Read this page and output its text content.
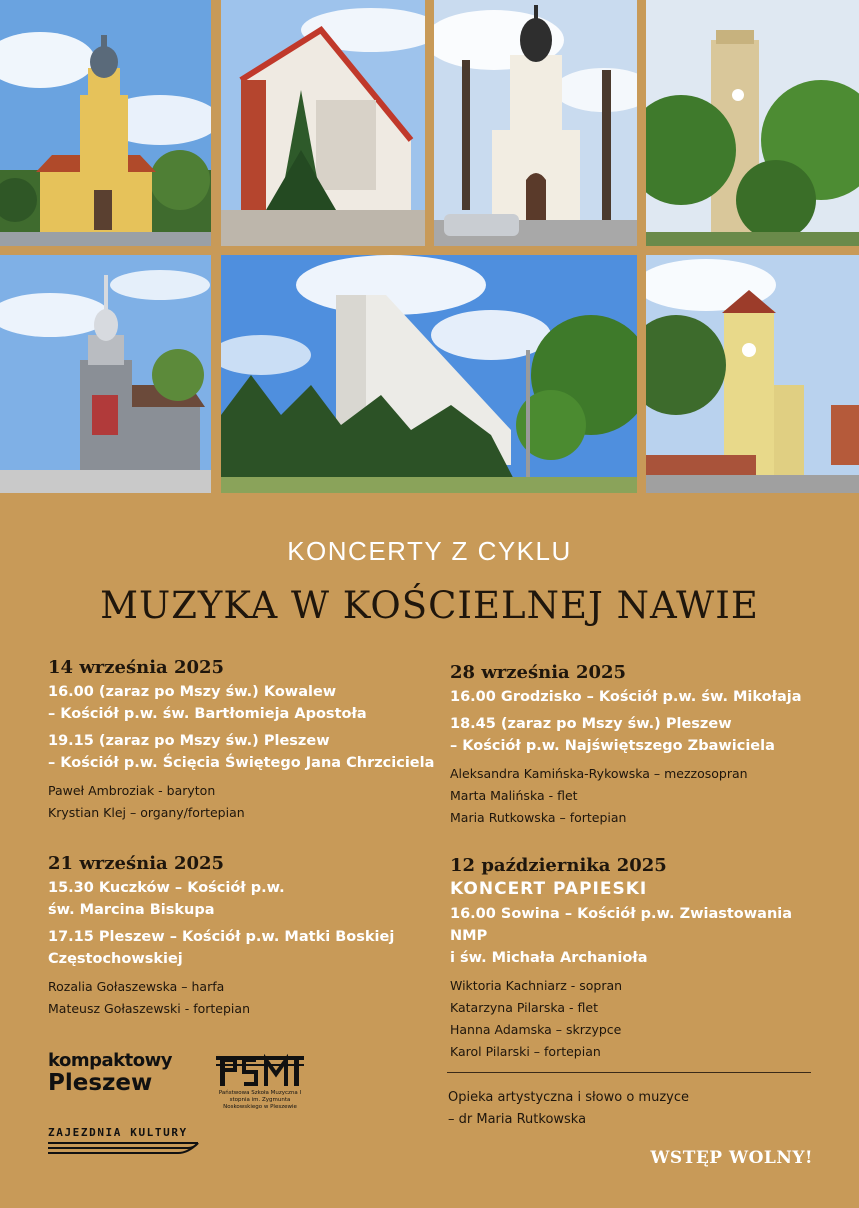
KONCERTY Z CYKLU
MUZYKA W KOŚCIELNEJ NAWIE
14 września 2025
16.00 (zaraz po Mszy św.) Kowalew
– Kościół p.w. św. Bartłomieja Apostoła
19.15 (zaraz po Mszy św.) Pleszew
– Kościół p.w. Ścięcia Świętego Jana Chrzciciela
Paweł Ambroziak - baryton
Krystian Klej – organy/fortepian
21 września 2025
15.30 Kuczków – Kościół p.w.
św. Marcina Biskupa
17.15 Pleszew – Kościół p.w. Matki Boskiej
Częstochowskiej
Rozalia Gołaszewska – harfa
Mateusz Gołaszewski - fortepian
28 września 2025
16.00 Grodzisko – Kościół p.w. św. Mikołaja
18.45 (zaraz po Mszy św.) Pleszew
– Kościół p.w. Najświętszego Zbawiciela
Aleksandra Kamińska-Rykowska – mezzosopran
Marta Malińska - flet
Maria Rutkowska – fortepian
12 października 2025
KONCERT PAPIESKI
16.00 Sowina – Kościół p.w. Zwiastowania NMP
i św. Michała Archanioła
Wiktoria Kachniarz - sopran
Katarzyna Pilarska - flet
Hanna Adamska – skrzypce
Karol Pilarski – fortepian
Opieka artystyczna i słowo o muzyce
– dr Maria Rutkowska
WSTĘP WOLNY!
kompaktowy
Pleszew	Państwowa Szkoła Muzyczna I stopnia im. Zygmunta Noskowskiego w Pleszewie
ZAJEZDNIA KULTURY
